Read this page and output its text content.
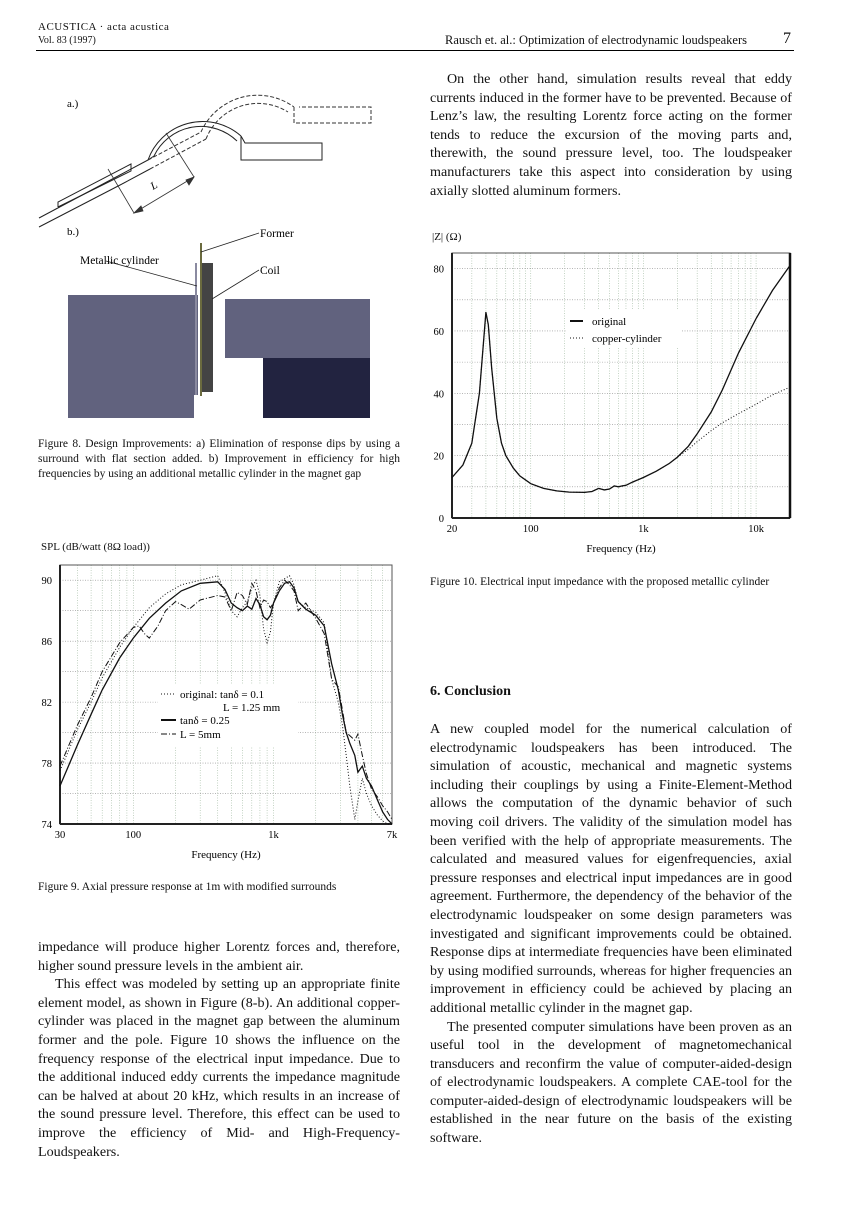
ACUSTICA · acta acustica
Vol. 83 (1997)	Rausch et. al.: Optimization of electrodynamic loudspeakers 7
a.)
L
b.)	Former
Metallic cylinder
Coil
Figure 8. Design Improvements: a) Elimination of response dips by using a surround with flat section added. b) Improvement in efficiency for high frequencies by using an additional metallic cylinder in the magnet gap
SPL (dB/watt (8Ω load))
74
78
82
86
90
30	100	1k	7k
Frequency (Hz)
original: tanδ = 0.1
L = 1.25 mm
tanδ = 0.25
L = 5mm
Figure 9. Axial pressure response at 1m with modified surrounds

impedance will produce higher Lorentz forces and, therefore, higher sound pressure levels in the ambient air.

This effect was modeled by setting up an appropriate finite element model, as shown in Figure (8-b). An additional copper-cylinder was placed in the magnet gap between the aluminum former and the pole. Figure 10 shows the influence on the frequency response of the electrical input impedance. Due to the additional induced eddy currents the impedance magnitude can be halved at about 20 kHz, which results in an increase of the sound pressure level. Therefore, this effect can be used to improve the efficiency of Mid- and High-Frequency-Loudspeakers.

On the other hand, simulation results reveal that eddy currents induced in the former have to be prevented. Because of Lenz’s law, the resulting Lorentz force acting on the former tends to reduce the excursion of the moving parts and, therewith, the sound pressure level, too. The loudspeaker manufacturers take this aspect into consideration by using axially slotted aluminum formers.

|Z| (Ω)
0
20
40
60
80
20	100	1k	10k
Frequency (Hz)
original
copper-cylinder
Figure 10. Electrical input impedance with the proposed metallic cylinder
6. Conclusion

A new coupled model for the numerical calculation of electrodynamic loudspeakers has been introduced. The simulation of acoustic, mechanical and magnetic systems including their couplings by using a Finite-Element-Method allows the computation of the dynamic behavior of such moving coil drivers. The validity of the simulation model has been verified with the help of appropriate measurements. The calculated and measured values for eigenfrequencies, axial pressure responses and electrical input impedances are in good agreement. Furthermore, the dependency of the behavior of the electrodynamic loudspeaker on some design parameters was investigated and significant improvements could be obtained. Response dips at intermediate frequencies have been eliminated by using modified surrounds, whereas for higher frequencies an improvement in efficiency could be achieved by placing an additional metallic cylinder in the magnet gap.

The presented computer simulations have been proven as an useful tool in the development of magnetomechanical transducers and reconfirm the value of computer-aided-design of electrodynamic loudspeakers. A complete CAE-tool for the computer-aided-design of electrodynamic loudspeakers will be established in the near future on the basis of the existing software.
